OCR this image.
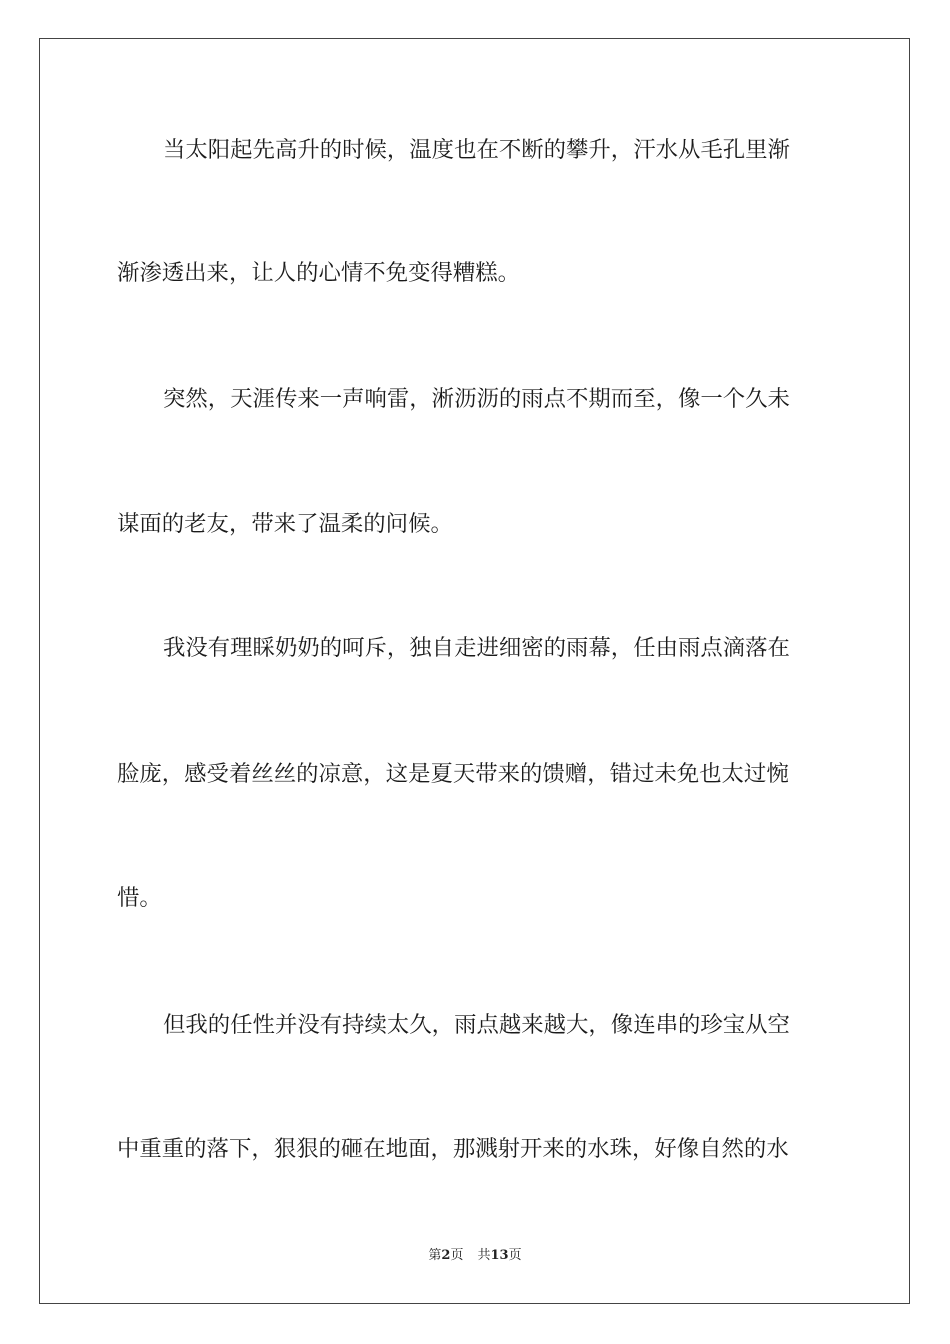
当太阳起先高升的时候，温度也在不断的攀升，汗水从毛孔里渐
渐渗透出来，让人的心情不免变得糟糕。
突然，天涯传来一声响雷，淅沥沥的雨点不期而至，像一个久未
谋面的老友，带来了温柔的问候。
我没有理睬奶奶的呵斥，独自走进细密的雨幕，任由雨点滴落在
脸庞，感受着丝丝的凉意，这是夏天带来的馈赠，错过未免也太过惋
惜。
但我的任性并没有持续太久，雨点越来越大，像连串的珍宝从空
中重重的落下，狠狠的砸在地面，那溅射开来的水珠，好像自然的水
第2页 共13页
